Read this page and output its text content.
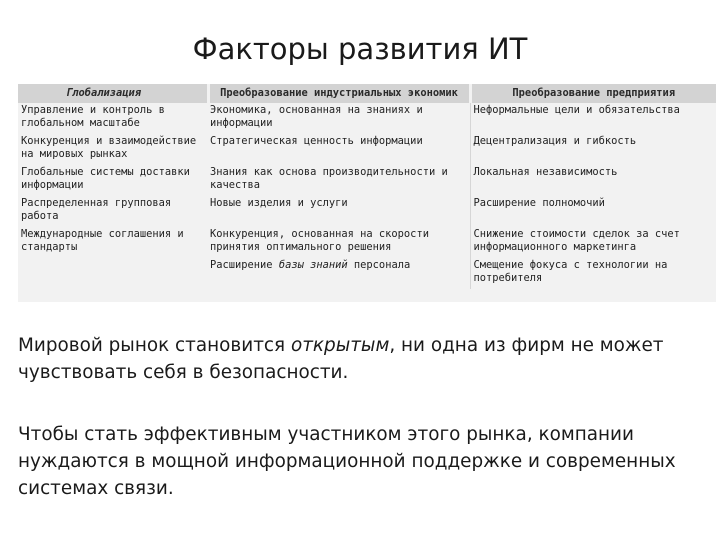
Факторы развития ИТ
Глобализация	Преобразование индустриальных экономик	Преобразование предприятия
Управление и контроль в глобальном масштабе	Экономика, основанная на знаниях и информации	Неформальные цели и обязательства
Конкуренция и взаимодействие на мировых рынках	Стратегическая ценность информации	Децентрализация и гибкость
Глобальные системы доставки информации	Знания как основа производительности и качества	Локальная независимость
Распределенная групповая работа	Новые изделия и услуги	Расширение полномочий
Международные соглашения и стандарты	Конкуренция, основанная на скорости принятия оптимального решения	Снижение стоимости сделок за счет информационного маркетинга
	Расширение базы знаний персонала	Смещение фокуса с технологии на потребителя
Мировой рынок становится открытым, ни одна из фирм не может чувствовать себя в безопасности.
Чтобы стать эффективным участником этого рынка, компании нуждаются в мощной информационной поддержке и современных системах связи.
